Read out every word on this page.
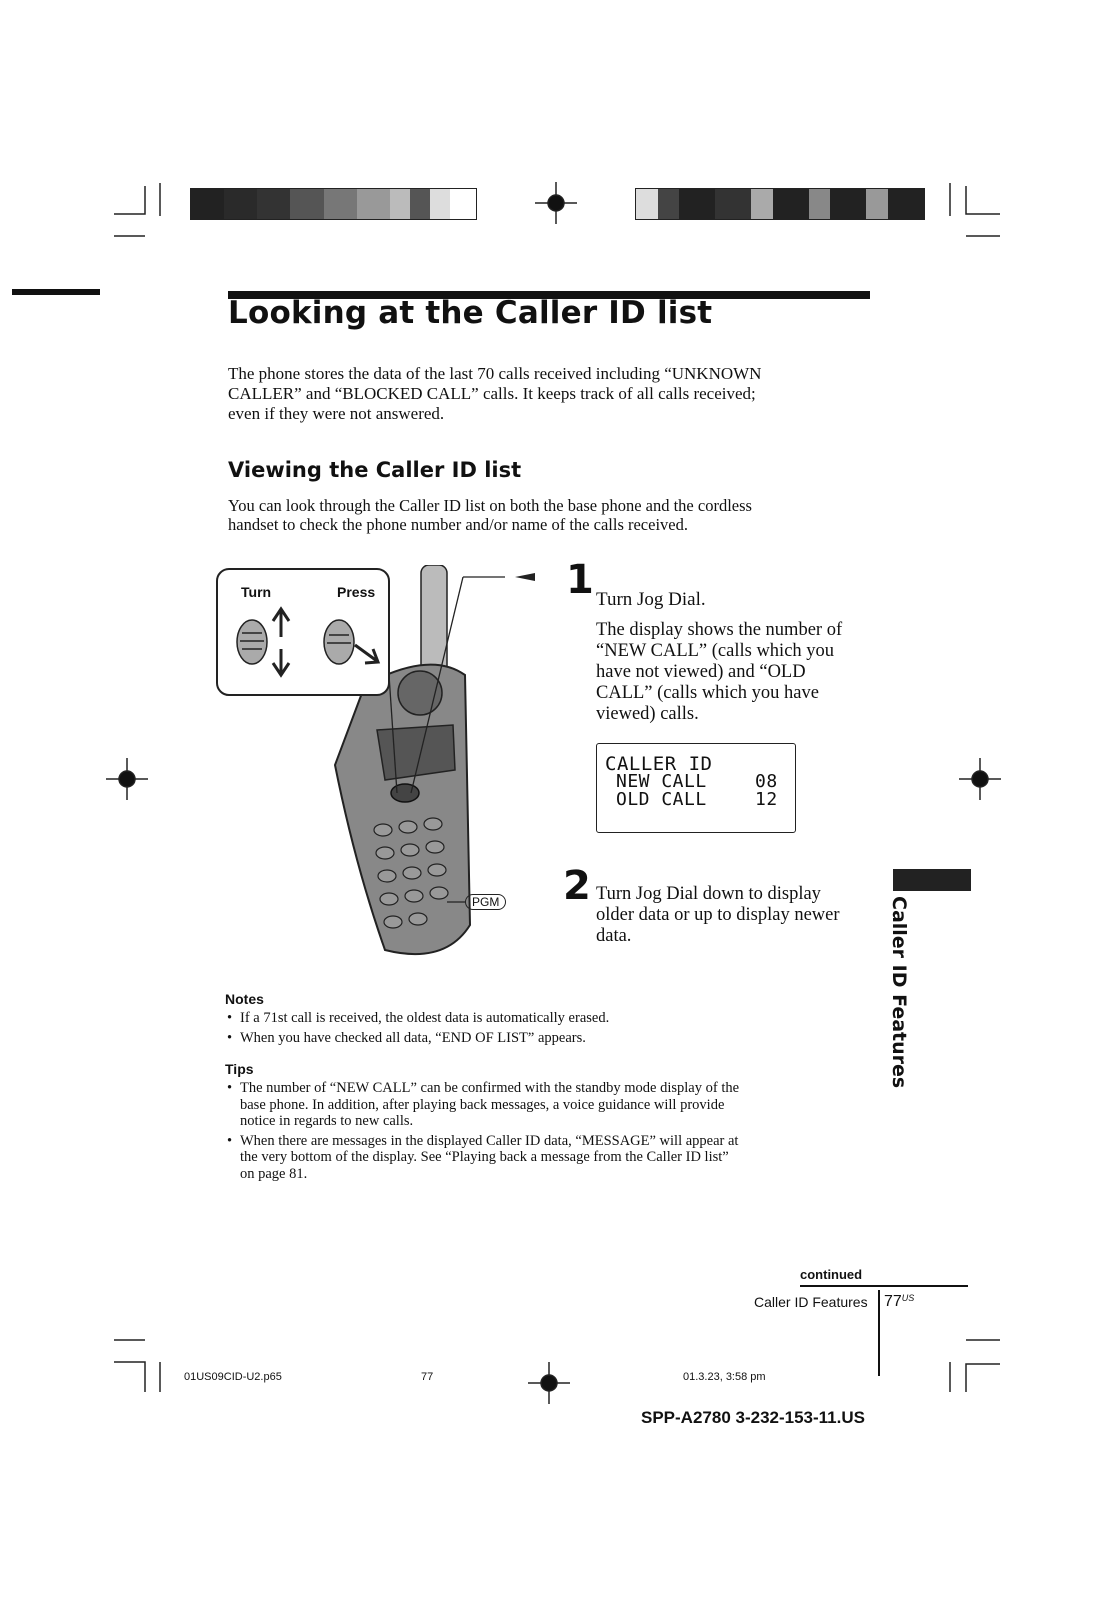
Looking at the Caller ID list

The phone stores the data of the last 70 calls received including “UNKNOWN CALLER” and “BLOCKED CALL” calls. It keeps track of all calls received; even if they were not answered.

Viewing the Caller ID list

You can look through the Caller ID list on both the base phone and the cordless handset to check the phone number and/or name of the calls received.

Turn	Press
PGM
1 Turn Jog Dial.

The display shows the number of “NEW CALL” (calls which you have not viewed) and “OLD CALL” (calls which you have viewed) calls.

CALLER ID
NEW CALL	08
OLD CALL	12
2 Turn Jog Dial down to display older data or up to display newer data.	Caller ID Features
Notes
• If a 71st call is received, the oldest data is automatically erased.
• When you have checked all data, “END OF LIST” appears.
Tips
• The number of “NEW CALL” can be confirmed with the standby mode display of the base phone. In addition, after playing back messages, a voice guidance will provide notice in regards to new calls.
• When there are messages in the displayed Caller ID data, “MESSAGE” will appear at the very bottom of the display. See “Playing back a message from the Caller ID list” on page 81.
continued
Caller ID Features $77^{US}$
01US09CID-U2.p65	77	01.3.23, 3:58 pm
SPP-A2780 3-232-153-11.US
